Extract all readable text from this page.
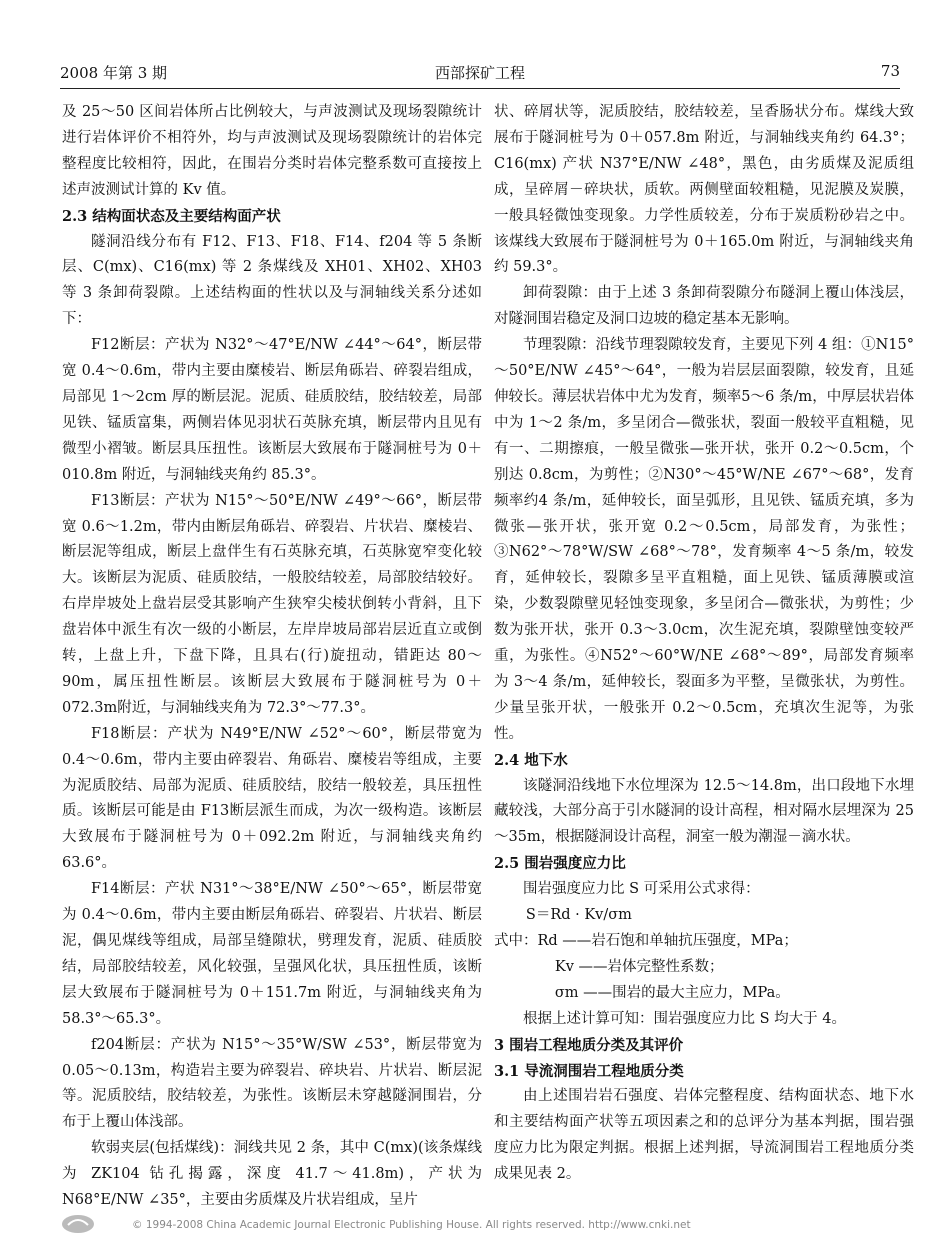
2008 年第 3 期	西部探矿工程	73

及 25～50 区间岩体所占比例较大，与声波测试及现场裂隙统计进行岩体评价不相符外，均与声波测试及现场裂隙统计的岩体完整程度比较相符，因此，在围岩分类时岩体完整系数可直接按上述声波测试计算的 Kv 值。

2.3 结构面状态及主要结构面产状

隧洞沿线分布有 F12、F13、F18、F14、f204 等 5 条断层、C(mx)、C16(mx) 等 2 条煤线及 XH01、XH02、XH03 等 3 条卸荷裂隙。上述结构面的性状以及与洞轴线关系分述如下：

F12断层：产状为 N32°～47°E/NW ∠44°～64°，断层带宽 0.4～0.6m，带内主要由糜棱岩、断层角砾岩、碎裂岩组成，局部见 1～2cm 厚的断层泥。泥质、硅质胶结，胶结较差，局部见铁、锰质富集，两侧岩体见羽状石英脉充填，断层带内且见有微型小褶皱。断层具压扭性。该断层大致展布于隧洞桩号为 0＋010.8m 附近，与洞轴线夹角约 85.3°。

F13断层：产状为 N15°～50°E/NW ∠49°～66°，断层带宽 0.6～1.2m，带内由断层角砾岩、碎裂岩、片状岩、糜棱岩、断层泥等组成，断层上盘伴生有石英脉充填，石英脉宽窄变化较大。该断层为泥质、硅质胶结，一般胶结较差，局部胶结较好。右岸岸坡处上盘岩层受其影响产生狭窄尖棱状倒转小背斜，且下盘岩体中派生有次一级的小断层，左岸岸坡局部岩层近直立或倒转，上盘上升，下盘下降，且具右(行)旋扭动，错距达 80～90m，属压扭性断层。该断层大致展布于隧洞桩号为 0＋072.3m附近，与洞轴线夹角为 72.3°～77.3°。

F18断层：产状为 N49°E/NW ∠52°～60°，断层带宽为 0.4～0.6m，带内主要由碎裂岩、角砾岩、糜棱岩等组成，主要为泥质胶结、局部为泥质、硅质胶结，胶结一般较差，具压扭性质。该断层可能是由 F13断层派生而成，为次一级构造。该断层大致展布于隧洞桩号为 0＋092.2m 附近，与洞轴线夹角约 63.6°。

F14断层：产状 N31°～38°E/NW ∠50°～65°，断层带宽为 0.4～0.6m，带内主要由断层角砾岩、碎裂岩、片状岩、断层泥，偶见煤线等组成，局部呈缝隙状，劈理发育，泥质、硅质胶结，局部胶结较差，风化较强，呈强风化状，具压扭性质，该断层大致展布于隧洞桩号为 0＋151.7m 附近，与洞轴线夹角为 58.3°～65.3°。

f204断层：产状为 N15°～35°W/SW ∠53°，断层带宽为 0.05～0.13m，构造岩主要为碎裂岩、碎块岩、片状岩、断层泥等。泥质胶结，胶结较差，为张性。该断层未穿越隧洞围岩，分布于上覆山体浅部。

软弱夹层(包括煤线)：洞线共见 2 条，其中 C(mx)(该条煤线为 ZK104 钻孔揭露，深度 41.7～41.8m)，产状为 N68°E/NW ∠35°，主要由劣质煤及片状岩组成，呈片

状、碎屑状等，泥质胶结，胶结较差，呈香肠状分布。煤线大致展布于隧洞桩号为 0＋057.8m 附近，与洞轴线夹角约 64.3°；C16(mx) 产状 N37°E/NW ∠48°，黑色，由劣质煤及泥质组成，呈碎屑－碎块状，质软。两侧壁面较粗糙，见泥膜及炭膜，一般具轻微蚀变现象。力学性质较差，分布于炭质粉砂岩之中。该煤线大致展布于隧洞桩号为 0＋165.0m 附近，与洞轴线夹角约 59.3°。

卸荷裂隙：由于上述 3 条卸荷裂隙分布隧洞上覆山体浅层，对隧洞围岩稳定及洞口边坡的稳定基本无影响。

节理裂隙：沿线节理裂隙较发育，主要见下列 4 组：①N15°～50°E/NW ∠45°～64°，一般为岩层层面裂隙，较发育，且延伸较长。薄层状岩体中尤为发育，频率5～6 条/m，中厚层状岩体中为 1～2 条/m，多呈闭合—微张状，裂面一般较平直粗糙，见有一、二期擦痕，一般呈微张—张开状，张开 0.2～0.5cm，个别达 0.8cm，为剪性；②N30°～45°W/NE ∠67°～68°，发育频率约4 条/m，延伸较长，面呈弧形，且见铁、锰质充填，多为微张—张开状，张开宽 0.2～0.5cm，局部发育，为张性；③N62°～78°W/SW ∠68°～78°，发育频率 4～5 条/m，较发育，延伸较长，裂隙多呈平直粗糙，面上见铁、锰质薄膜或渲染，少数裂隙壁见轻蚀变现象，多呈闭合—微张状，为剪性；少数为张开状，张开 0.3～3.0cm，次生泥充填，裂隙壁蚀变较严重，为张性。④N52°～60°W/NE ∠68°～89°，局部发育频率为 3～4 条/m，延伸较长，裂面多为平整，呈微张状，为剪性。少量呈张开状，一般张开 0.2～0.5cm，充填次生泥等，为张性。

2.4 地下水

该隧洞沿线地下水位埋深为 12.5～14.8m，出口段地下水埋藏较浅，大部分高于引水隧洞的设计高程，相对隔水层埋深为 25～35m，根据隧洞设计高程，洞室一般为潮湿－滴水状。

2.5 围岩强度应力比

围岩强度应力比 S 可采用公式求得：

S＝Rd · Kv/σm

式中：Rd ——岩石饱和单轴抗压强度，MPa；

Kv ——岩体完整性系数；

σm ——围岩的最大主应力，MPa。

根据上述计算可知：围岩强度应力比 S 均大于 4。

3 围岩工程地质分类及其评价

3.1 导流洞围岩工程地质分类

由上述围岩岩石强度、岩体完整程度、结构面状态、地下水和主要结构面产状等五项因素之和的总评分为基本判据，围岩强度应力比为限定判据。根据上述判据，导流洞围岩工程地质分类成果见表 2。

© 1994-2008 China Academic Journal Electronic Publishing House. All rights reserved. http://www.cnki.net
